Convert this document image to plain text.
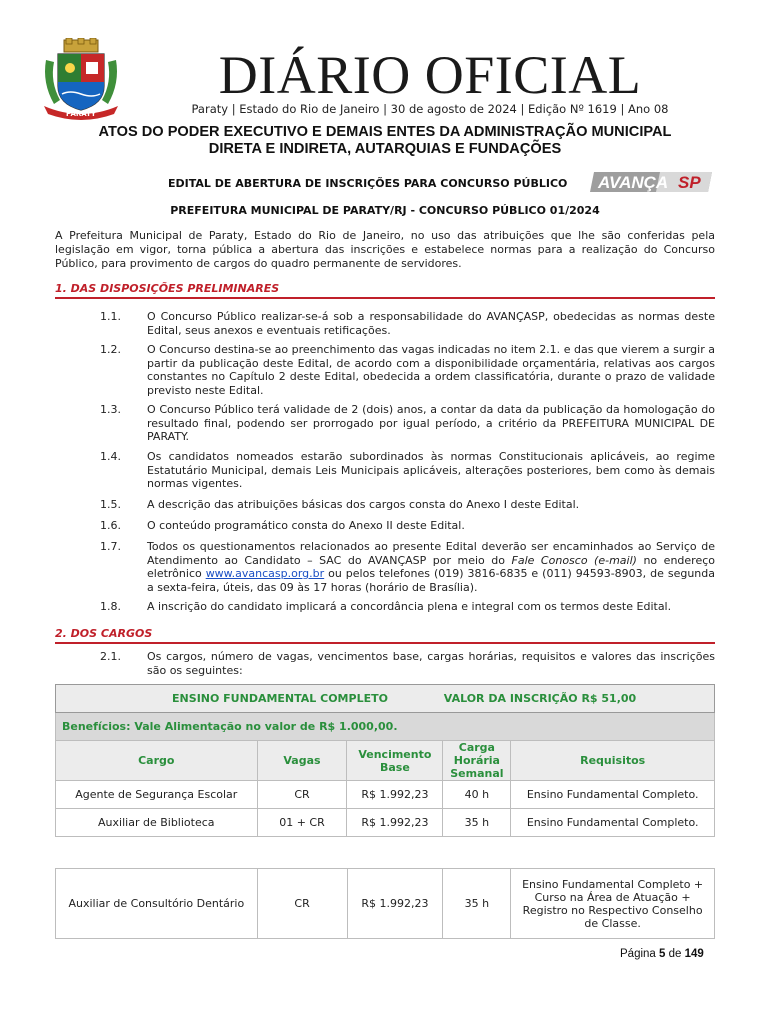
PARATY
DIÁRIO OFICIAL
Paraty | Estado do Rio de Janeiro | 30 de agosto de 2024 | Edição Nº 1619 | Ano 08
ATOS DO PODER EXECUTIVO E DEMAIS ENTES DA ADMINISTRAÇÃO MUNICIPAL
DIRETA E INDIRETA, AUTARQUIAS E FUNDAÇÕES
EDITAL DE ABERTURA DE INSCRIÇÕES PARA CONCURSO PÚBLICO AVANÇA SP
PREFEITURA MUNICIPAL DE PARATY/RJ - CONCURSO PÚBLICO 01/2024
A Prefeitura Municipal de Paraty, Estado do Rio de Janeiro, no uso das atribuições que lhe são conferidas pela legislação em vigor, torna pública a abertura das inscrições e estabelece normas para a realização do Concurso Público, para provimento de cargos do quadro permanente de servidores.
1. DAS DISPOSIÇÕES PRELIMINARES
1.1. O Concurso Público realizar-se-á sob a responsabilidade do AVANÇASP, obedecidas as normas deste Edital, seus anexos e eventuais retificações.
1.2. O Concurso destina-se ao preenchimento das vagas indicadas no item 2.1. e das que vierem a surgir a partir da publicação deste Edital, de acordo com a disponibilidade orçamentária, relativas aos cargos constantes no Capítulo 2 deste Edital, obedecida a ordem classificatória, durante o prazo de validade previsto neste Edital.
1.3. O Concurso Público terá validade de 2 (dois) anos, a contar da data da publicação da homologação do resultado final, podendo ser prorrogado por igual período, a critério da PREFEITURA MUNICIPAL DE PARATY.
1.4. Os candidatos nomeados estarão subordinados às normas Constitucionais aplicáveis, ao regime Estatutário Municipal, demais Leis Municipais aplicáveis, alterações posteriores, bem como às demais normas vigentes.
1.5. A descrição das atribuições básicas dos cargos consta do Anexo I deste Edital.
1.6. O conteúdo programático consta do Anexo II deste Edital.
1.7. Todos os questionamentos relacionados ao presente Edital deverão ser encaminhados ao Serviço de Atendimento ao Candidato – SAC do AVANÇASP por meio do Fale Conosco (e-mail) no endereço eletrônico www.avancasp.org.br ou pelos telefones (019) 3816-6835 e (011) 94593-8903, de segunda a sexta-feira, úteis, das 09 às 17 horas (horário de Brasília).
1.8. A inscrição do candidato implicará a concordância plena e integral com os termos deste Edital.
2. DOS CARGOS
2.1. Os cargos, número de vagas, vencimentos base, cargas horárias, requisitos e valores das inscrições são os seguintes:
ENSINO FUNDAMENTAL COMPLETO VALOR DA INSCRIÇÃO R$ 51,00				
Benefícios: Vale Alimentação no valor de R$ 1.000,00.				
Cargo	Vagas	Vencimento Base	Carga Horária Semanal	Requisitos
Agente de Segurança Escolar	CR	R$ 1.992,23	40 h	Ensino Fundamental Completo.
Auxiliar de Biblioteca	01 + CR	R$ 1.992,23	35 h	Ensino Fundamental Completo.
Auxiliar de Consultório Dentário	CR	R$ 1.992,23	35 h	Ensino Fundamental Completo + Curso na Área de Atuação + Registro no Respectivo Conselho de Classe.
Página 5 de 149
